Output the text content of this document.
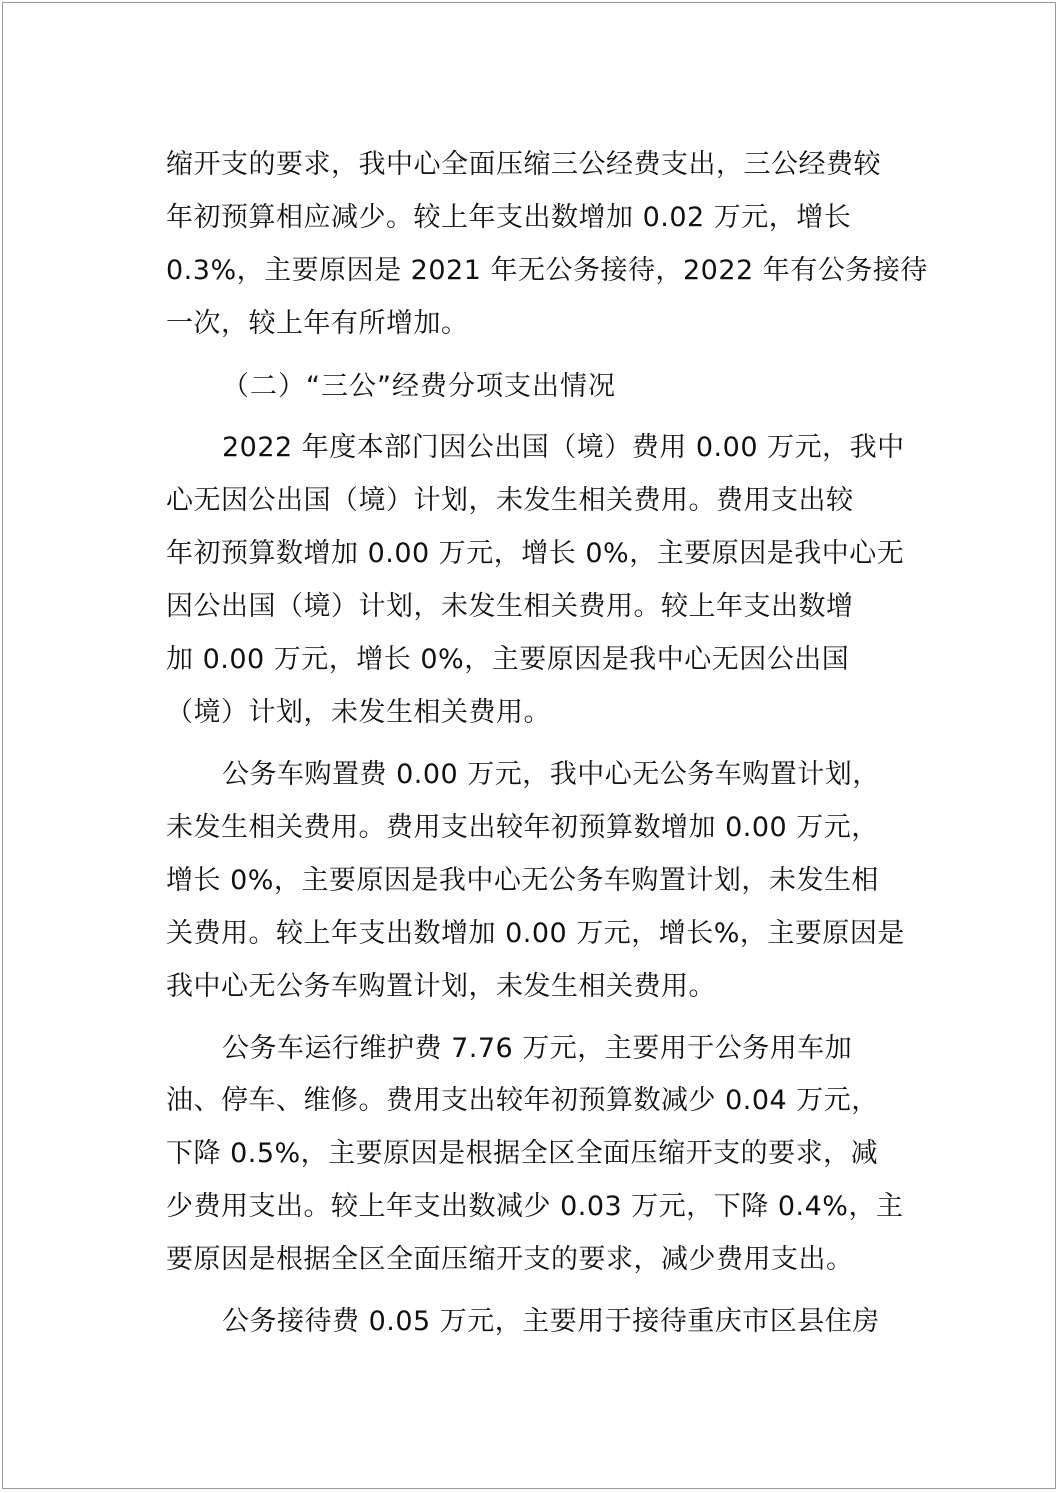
缩开支的要求，我中心全面压缩三公经费支出，三公经费较
年初预算相应减少。较上年支出数增加 0.02 万元，增长
0.3%，主要原因是 2021 年无公务接待，2022 年有公务接待
一次，较上年有所增加。
（二）“三公”经费分项支出情况
2022 年度本部门因公出国（境）费用 0.00 万元，我中
心无因公出国（境）计划，未发生相关费用。费用支出较
年初预算数增加 0.00 万元，增长 0%，主要原因是我中心无
因公出国（境）计划，未发生相关费用。较上年支出数增
加 0.00 万元，增长 0%，主要原因是我中心无因公出国
（境）计划，未发生相关费用。
公务车购置费 0.00 万元，我中心无公务车购置计划，
未发生相关费用。费用支出较年初预算数增加 0.00 万元，
增长 0%，主要原因是我中心无公务车购置计划，未发生相
关费用。较上年支出数增加 0.00 万元，增长%，主要原因是
我中心无公务车购置计划，未发生相关费用。
公务车运行维护费 7.76 万元，主要用于公务用车加
油、停车、维修。费用支出较年初预算数减少 0.04 万元，
下降 0.5%，主要原因是根据全区全面压缩开支的要求，减
少费用支出。较上年支出数减少 0.03 万元，下降 0.4%，主
要原因是根据全区全面压缩开支的要求，减少费用支出。
公务接待费 0.05 万元，主要用于接待重庆市区县住房
